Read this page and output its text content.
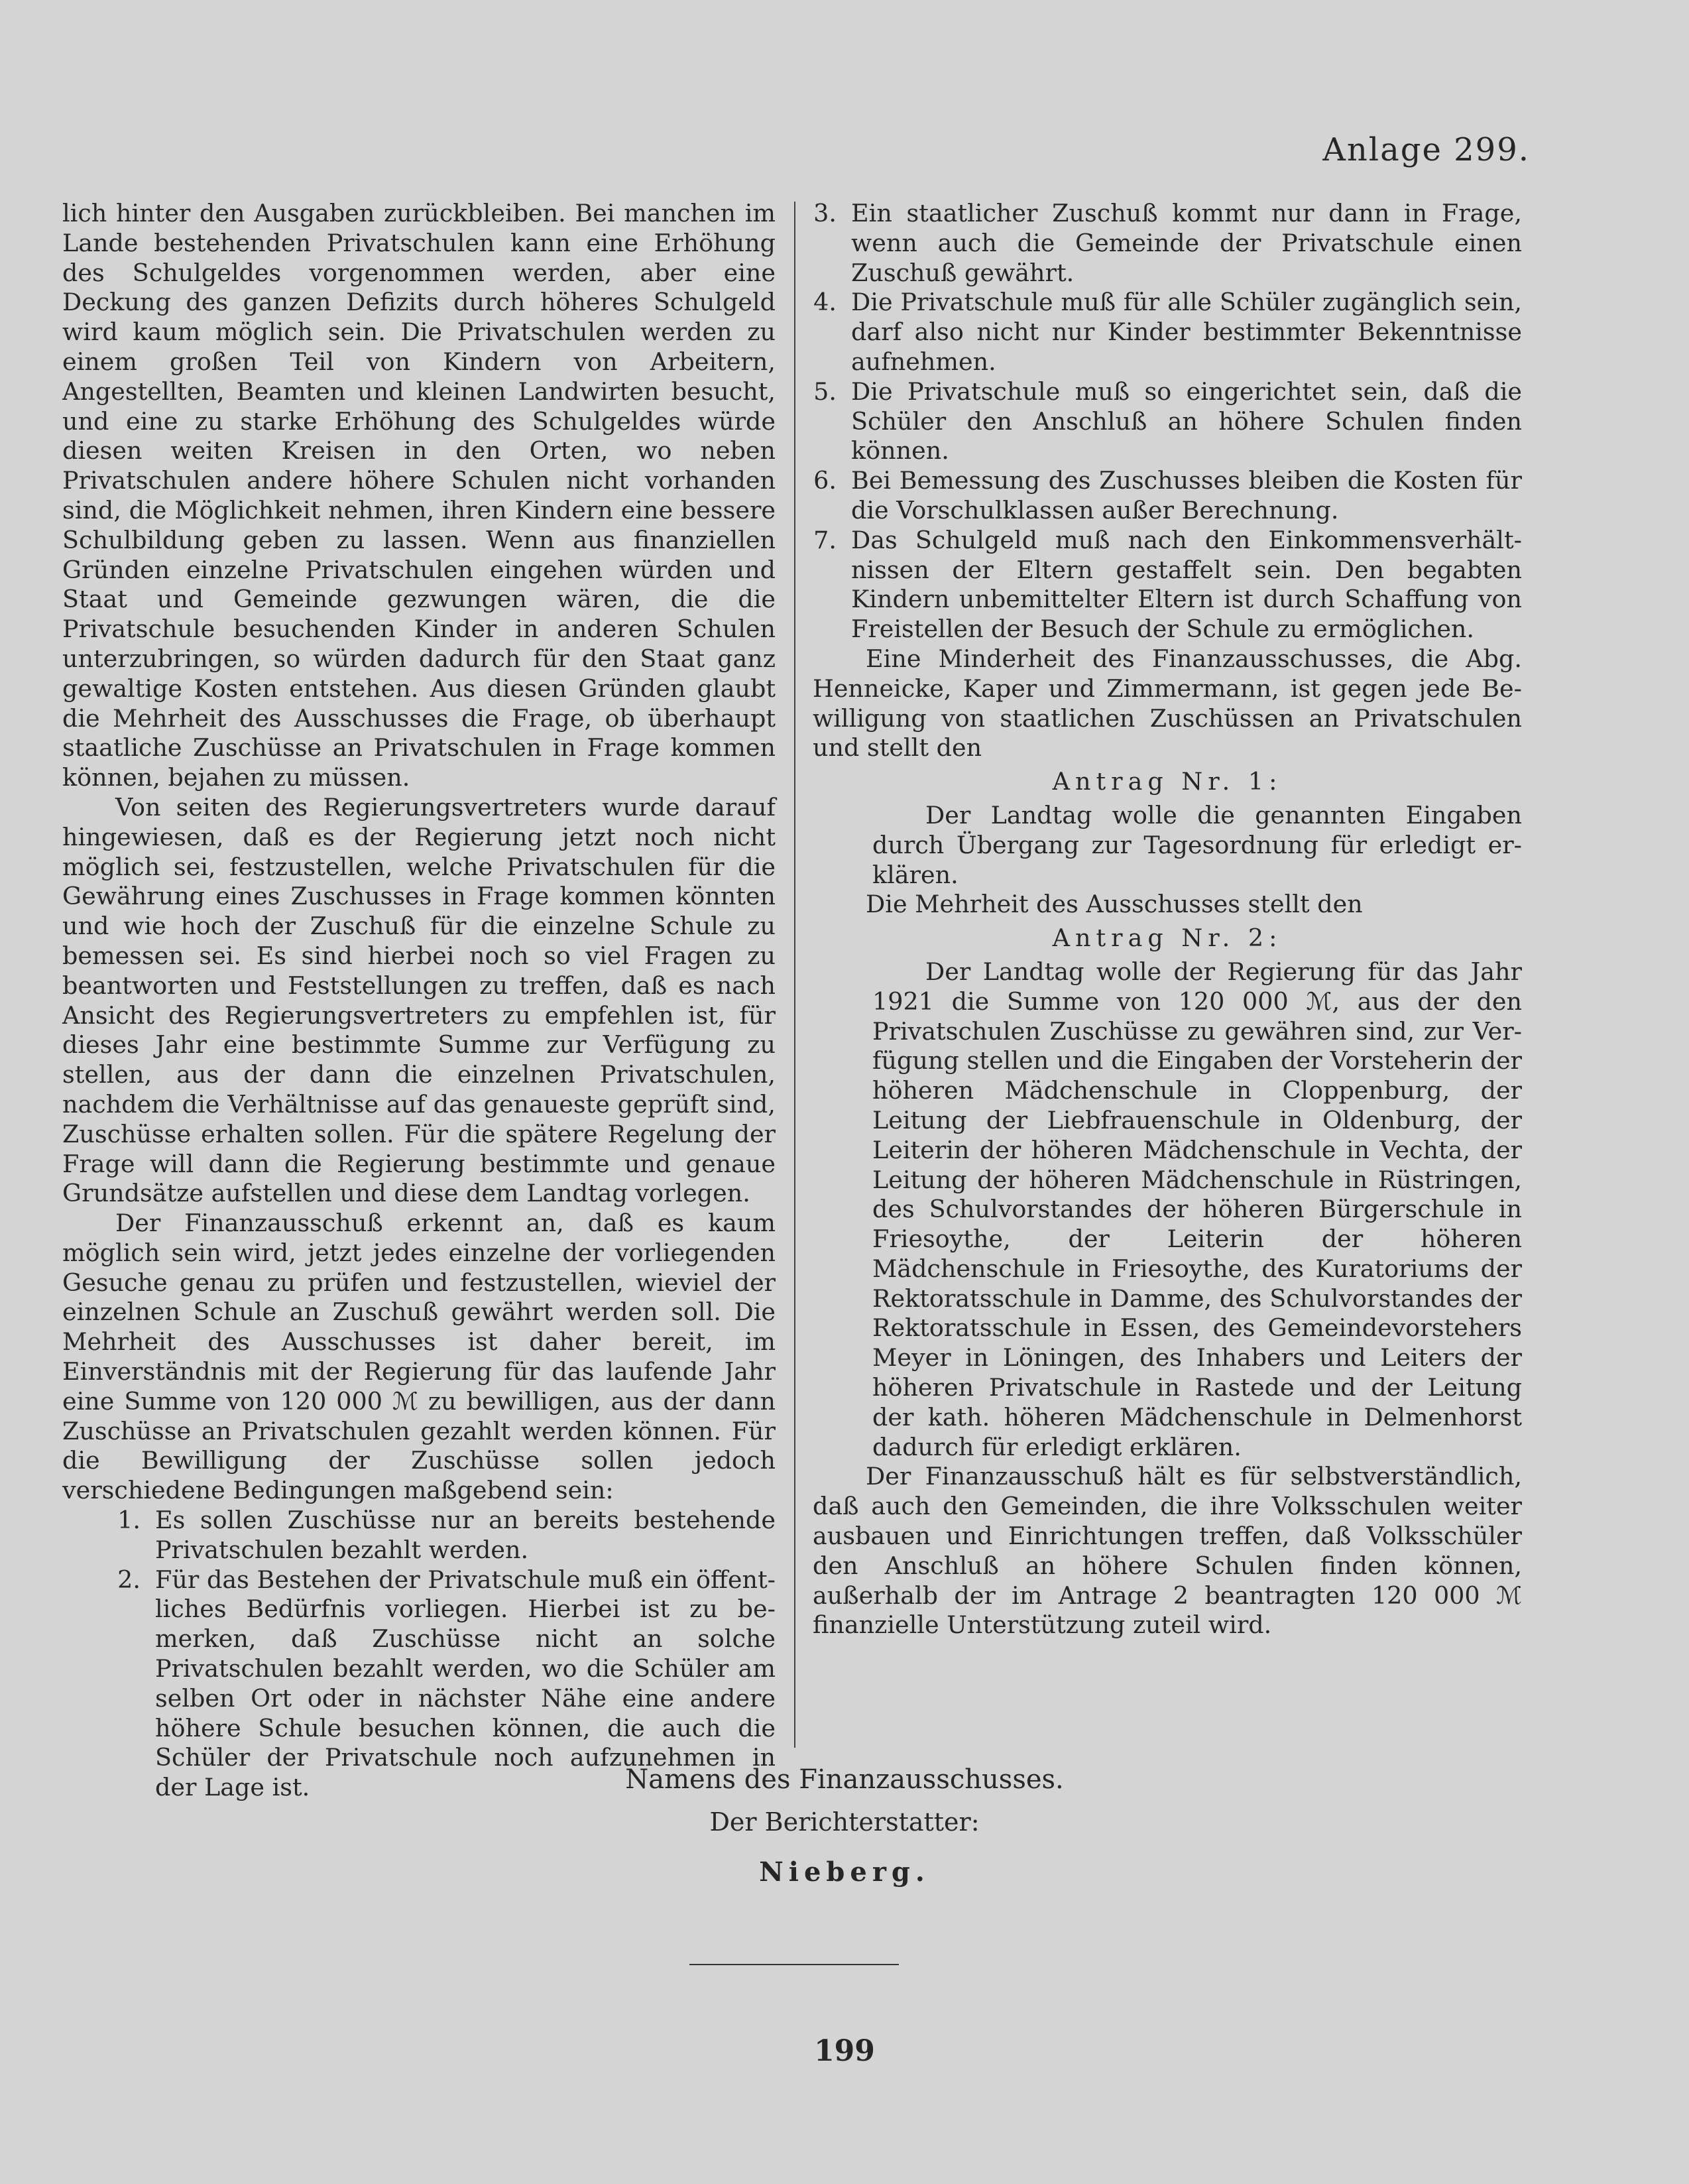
Anlage 299.

lich hinter den Ausgaben zurückbleiben. Bei manchen im Lande bestehenden Privatschulen kann eine Erhöhung des Schulgeldes vorgenommen werden, aber eine Deckung des ganzen Defizits durch höheres Schulgeld wird kaum möglich sein. Die Privatschulen werden zu einem großen Teil von Kindern von Arbeitern, Angestellten, Beamten und kleinen Landwirten besucht, und eine zu starke Erhöhung des Schulgeldes würde diesen weiten Kreisen in den Orten, wo neben Privatschulen andere höhere Schulen nicht vorhanden sind, die Möglichkeit nehmen, ihren Kindern eine bessere Schulbildung geben zu lassen. Wenn aus finanziellen Gründen einzelne Privatschulen eingehen würden und Staat und Gemeinde gezwungen wären, die die Privatschule besuchenden Kinder in anderen Schulen unterzubringen, so würden dadurch für den Staat ganz gewaltige Kosten entstehen. Aus diesen Gründen glaubt die Mehrheit des Ausschusses die Frage, ob überhaupt staatliche Zuschüsse an Privatschulen in Frage kommen können, bejahen zu müssen.

Von seiten des Regierungsvertreters wurde darauf hingewiesen, daß es der Regierung jetzt noch nicht möglich sei, festzustellen, welche Privatschulen für die Gewährung eines Zuschusses in Frage kommen könnten und wie hoch der Zuschuß für die einzelne Schule zu bemessen sei. Es sind hierbei noch so viel Fragen zu beantworten und Feststellungen zu treffen, daß es nach Ansicht des Regierungsvertreters zu empfehlen ist, für dieses Jahr eine bestimmte Summe zur Verfügung zu stellen, aus der dann die einzelnen Privatschulen, nachdem die Verhältnisse auf das genaueste geprüft sind, Zuschüsse erhalten sollen. Für die spätere Regelung der Frage will dann die Regierung bestimmte und genaue Grundsätze aufstellen und diese dem Landtag vorlegen.

Der Finanzausschuß erkennt an, daß es kaum möglich sein wird, jetzt jedes einzelne der vorliegenden Gesuche genau zu prüfen und festzustellen, wieviel der einzelnen Schule an Zuschuß gewährt werden soll. Die Mehrheit des Ausschusses ist daher bereit, im Einverständnis mit der Regierung für das laufende Jahr eine Summe von 120 000 ℳ zu bewilligen, aus der dann Zuschüsse an Privatschulen gezahlt werden können. Für die Bewilligung der Zuschüsse sollen jedoch verschiedene Bedingungen maßgebend sein:

1. Es sollen Zuschüsse nur an bereits bestehende Privatschulen bezahlt werden.
2. Für das Bestehen der Privatschule muß ein öffentliches Bedürfnis vorliegen. Hierbei ist zu bemerken, daß Zuschüsse nicht an solche Privatschulen bezahlt werden, wo die Schüler am selben Ort oder in nächster Nähe eine andere höhere Schule besuchen können, die auch die Schüler der Privatschule noch aufzunehmen in der Lage ist.
3. Ein staatlicher Zuschuß kommt nur dann in Frage, wenn auch die Gemeinde der Privatschule einen Zuschuß gewährt.
4. Die Privatschule muß für alle Schüler zugänglich sein, darf also nicht nur Kinder bestimmter Bekenntnisse aufnehmen.
5. Die Privatschule muß so eingerichtet sein, daß die Schüler den Anschluß an höhere Schulen finden können.
6. Bei Bemessung des Zuschusses bleiben die Kosten für die Vorschulklassen außer Berechnung.
7. Das Schulgeld muß nach den Einkommensverhältnissen der Eltern gestaffelt sein. Den begabten Kindern unbemittelter Eltern ist durch Schaffung von Freistellen der Besuch der Schule zu ermöglichen.

Eine Minderheit des Finanzausschusses, die Abg. Henneicke, Kaper und Zimmermann, ist gegen jede Bewilligung von staatlichen Zuschüssen an Privatschulen und stellt den

Antrag Nr. 1:

Der Landtag wolle die genannten Eingaben durch Übergang zur Tagesordnung für erledigt erklären.

Die Mehrheit des Ausschusses stellt den

Antrag Nr. 2:

Der Landtag wolle der Regierung für das Jahr 1921 die Summe von 120 000 ℳ, aus der den Privatschulen Zuschüsse zu gewähren sind, zur Verfügung stellen und die Eingaben der Vorsteherin der höheren Mädchenschule in Cloppenburg, der Leitung der Liebfrauenschule in Oldenburg, der Leiterin der höheren Mädchenschule in Vechta, der Leitung der höheren Mädchenschule in Rüstringen, des Schulvorstandes der höheren Bürgerschule in Friesoythe, der Leiterin der höheren Mädchenschule in Friesoythe, des Kuratoriums der Rektoratsschule in Damme, des Schulvorstandes der Rektoratsschule in Essen, des Gemeindevorstehers Meyer in Löningen, des Inhabers und Leiters der höheren Privatschule in Rastede und der Leitung der kath. höheren Mädchenschule in Delmenhorst dadurch für erledigt erklären.

Der Finanzausschuß hält es für selbstverständlich, daß auch den Gemeinden, die ihre Volksschulen weiter ausbauen und Einrichtungen treffen, daß Volksschüler den Anschluß an höhere Schulen finden können, außerhalb der im Antrage 2 beantragten 120 000 ℳ finanzielle Unterstützung zuteil wird.

Namens des Finanzausschusses.
Der Berichterstatter:
Nieberg.
199
